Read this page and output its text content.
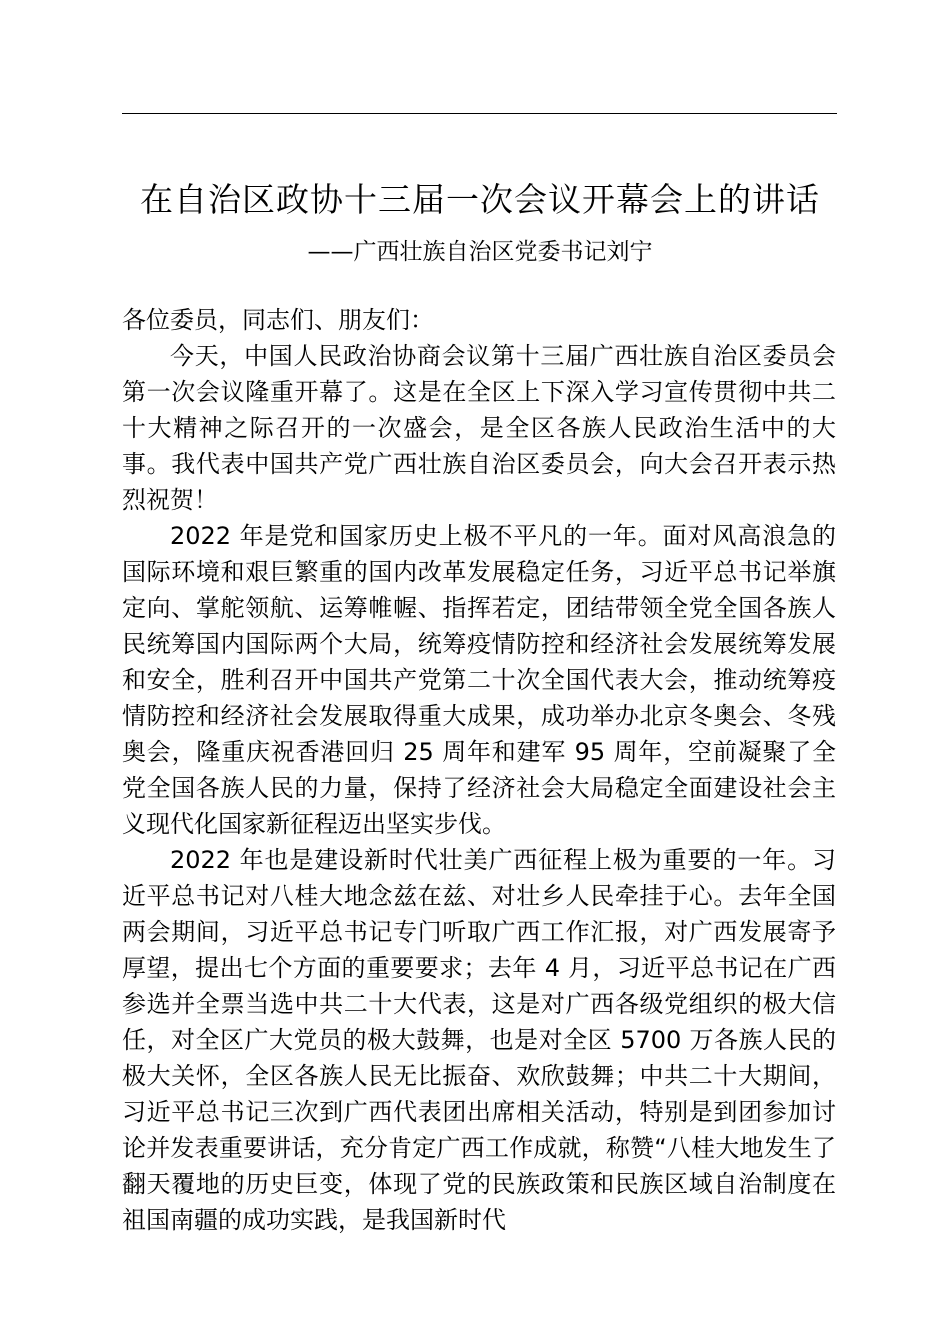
在自治区政协十三届一次会议开幕会上的讲话

——广西壮族自治区党委书记刘宁

各位委员，同志们、朋友们：

今天，中国人民政治协商会议第十三届广西壮族自治区委员会第一次会议隆重开幕了。这是在全区上下深入学习宣传贯彻中共二十大精神之际召开的一次盛会，是全区各族人民政治生活中的大事。我代表中国共产党广西壮族自治区委员会，向大会召开表示热烈祝贺！

2022 年是党和国家历史上极不平凡的一年。面对风高浪急的国际环境和艰巨繁重的国内改革发展稳定任务，习近平总书记举旗定向、掌舵领航、运筹帷幄、指挥若定，团结带领全党全国各族人民统筹国内国际两个大局，统筹疫情防控和经济社会发展统筹发展和安全，胜利召开中国共产党第二十次全国代表大会，推动统筹疫情防控和经济社会发展取得重大成果，成功举办北京冬奥会、冬残奥会，隆重庆祝香港回归 25 周年和建军 95 周年，空前凝聚了全党全国各族人民的力量，保持了经济社会大局稳定全面建设社会主义现代化国家新征程迈出坚实步伐。

2022 年也是建设新时代壮美广西征程上极为重要的一年。习近平总书记对八桂大地念兹在兹、对壮乡人民牵挂于心。去年全国两会期间，习近平总书记专门听取广西工作汇报，对广西发展寄予厚望，提出七个方面的重要要求；去年 4 月，习近平总书记在广西参选并全票当选中共二十大代表，这是对广西各级党组织的极大信任，对全区广大党员的极大鼓舞，也是对全区 5700 万各族人民的极大关怀，全区各族人民无比振奋、欢欣鼓舞；中共二十大期间，习近平总书记三次到广西代表团出席相关活动，特别是到团参加讨论并发表重要讲话，充分肯定广西工作成就，称赞“八桂大地发生了翻天覆地的历史巨变，体现了党的民族政策和民族区域自治制度在祖国南疆的成功实践，是我国新时代
